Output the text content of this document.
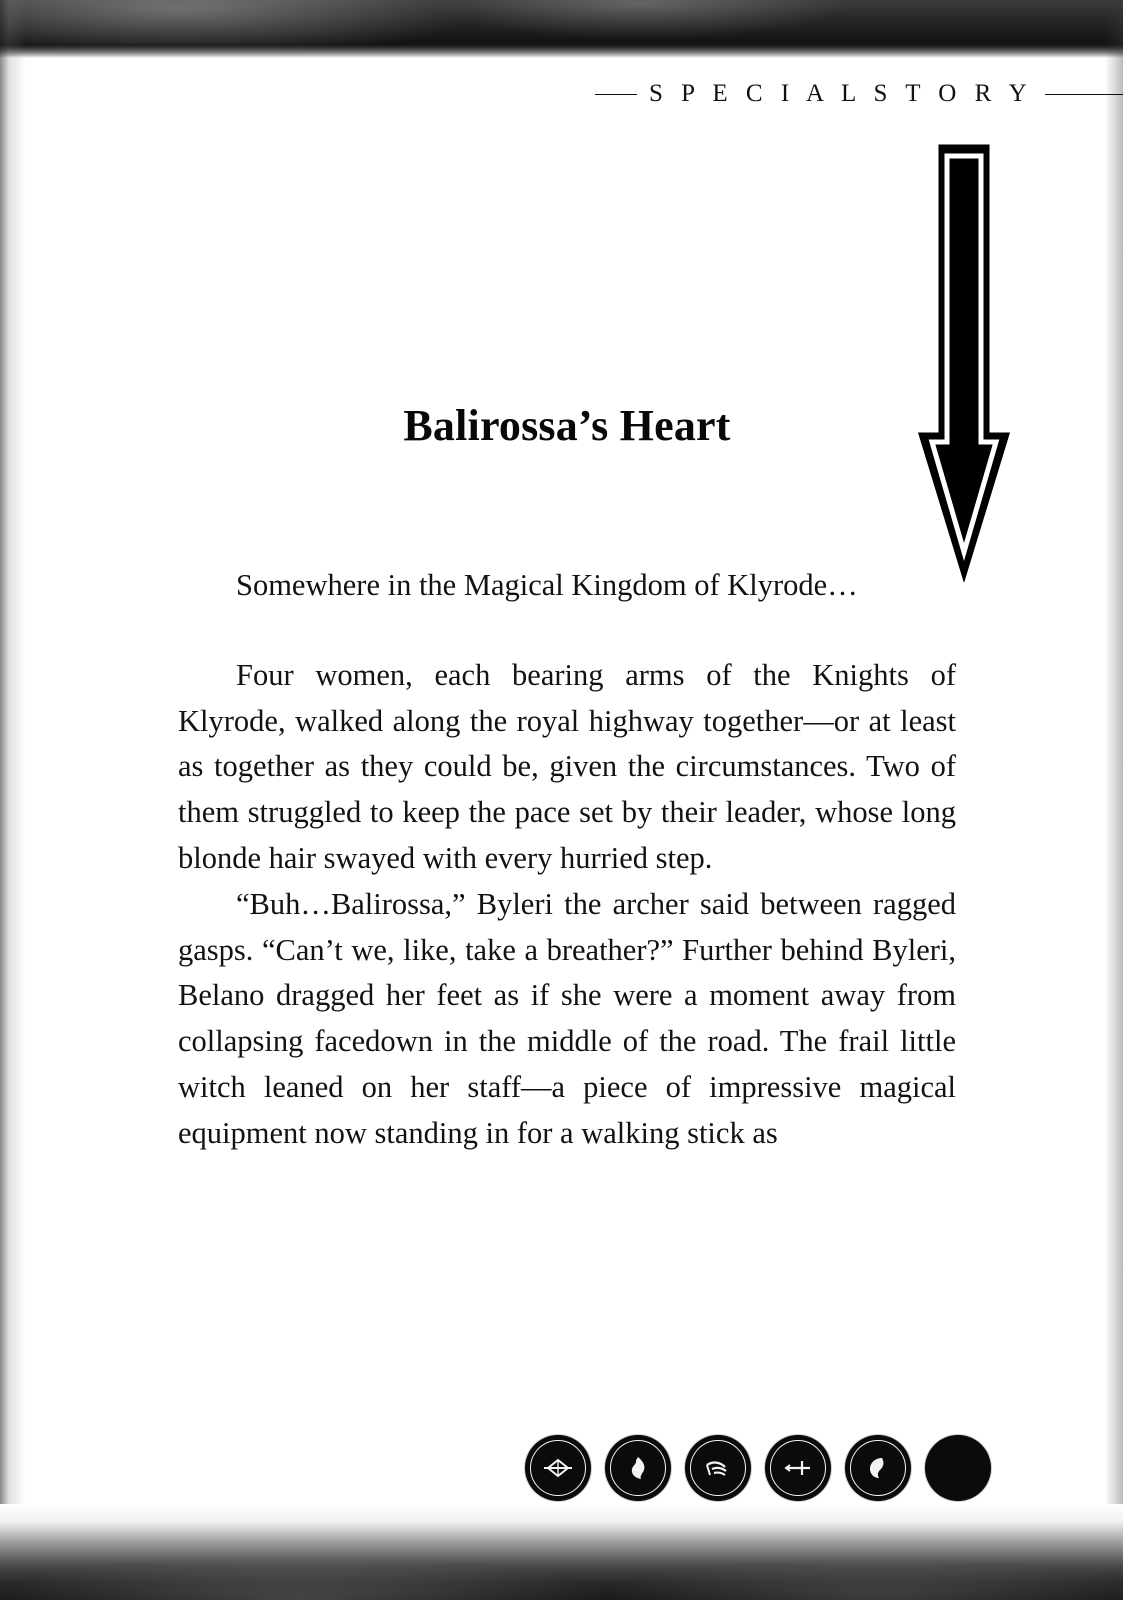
S P E C I A L S T O R Y
Balirossa’s Heart

Somewhere in the Magical Kingdom of Klyrode…

Four women, each bearing arms of the Knights of Klyrode, walked along the royal highway together—or at least as together as they could be, given the circumstances. Two of them struggled to keep the pace set by their leader, whose long blonde hair swayed with every hurried step.

“Buh…Balirossa,” Byleri the archer said between ragged gasps. “Can’t we, like, take a breather?” Further behind Byleri, Belano dragged her feet as if she were a moment away from collapsing facedown in the middle of the road. The frail little witch leaned on her staff—a piece of impressive magical equipment now standing in for a walking stick as
